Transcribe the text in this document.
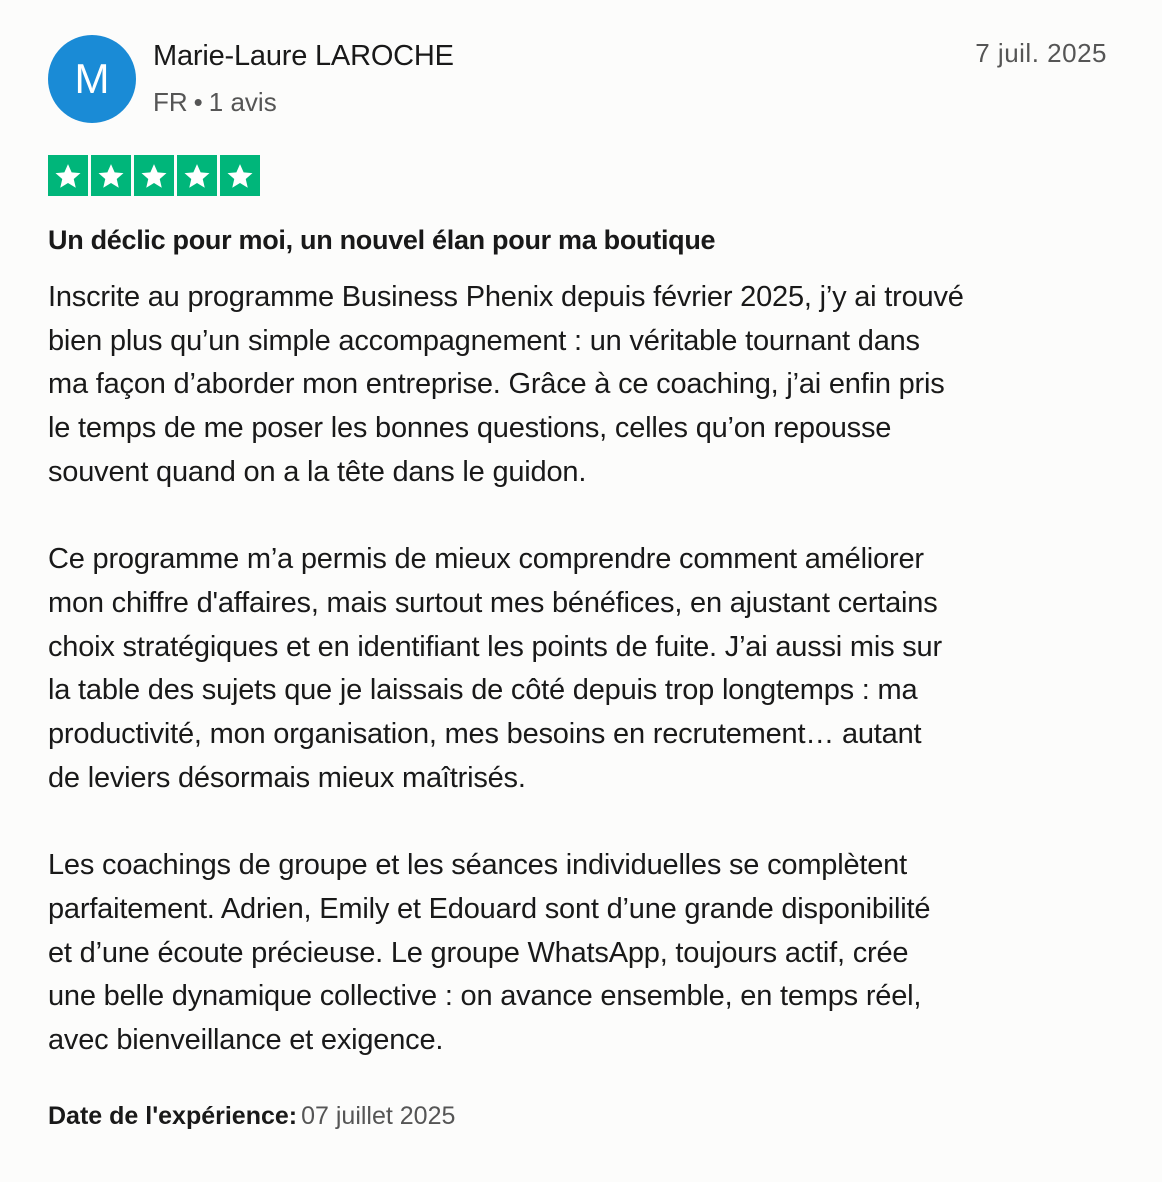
M	Marie-Laure LAROCHE
FR • 1 avis
7 juil. 2025
Un déclic pour moi, un nouvel élan pour ma boutique

Inscrite au programme Business Phenix depuis février 2025, j’y ai trouvé
bien plus qu’un simple accompagnement : un véritable tournant dans
ma façon d’aborder mon entreprise. Grâce à ce coaching, j’ai enfin pris
le temps de me poser les bonnes questions, celles qu’on repousse
souvent quand on a la tête dans le guidon.

Ce programme m’a permis de mieux comprendre comment améliorer
mon chiffre d'affaires, mais surtout mes bénéfices, en ajustant certains
choix stratégiques et en identifiant les points de fuite. J’ai aussi mis sur
la table des sujets que je laissais de côté depuis trop longtemps : ma
productivité, mon organisation, mes besoins en recrutement… autant
de leviers désormais mieux maîtrisés.

Les coachings de groupe et les séances individuelles se complètent
parfaitement. Adrien, Emily et Edouard sont d’une grande disponibilité
et d’une écoute précieuse. Le groupe WhatsApp, toujours actif, crée
une belle dynamique collective : on avance ensemble, en temps réel,
avec bienveillance et exigence.

Date de l'expérience: 07 juillet 2025
